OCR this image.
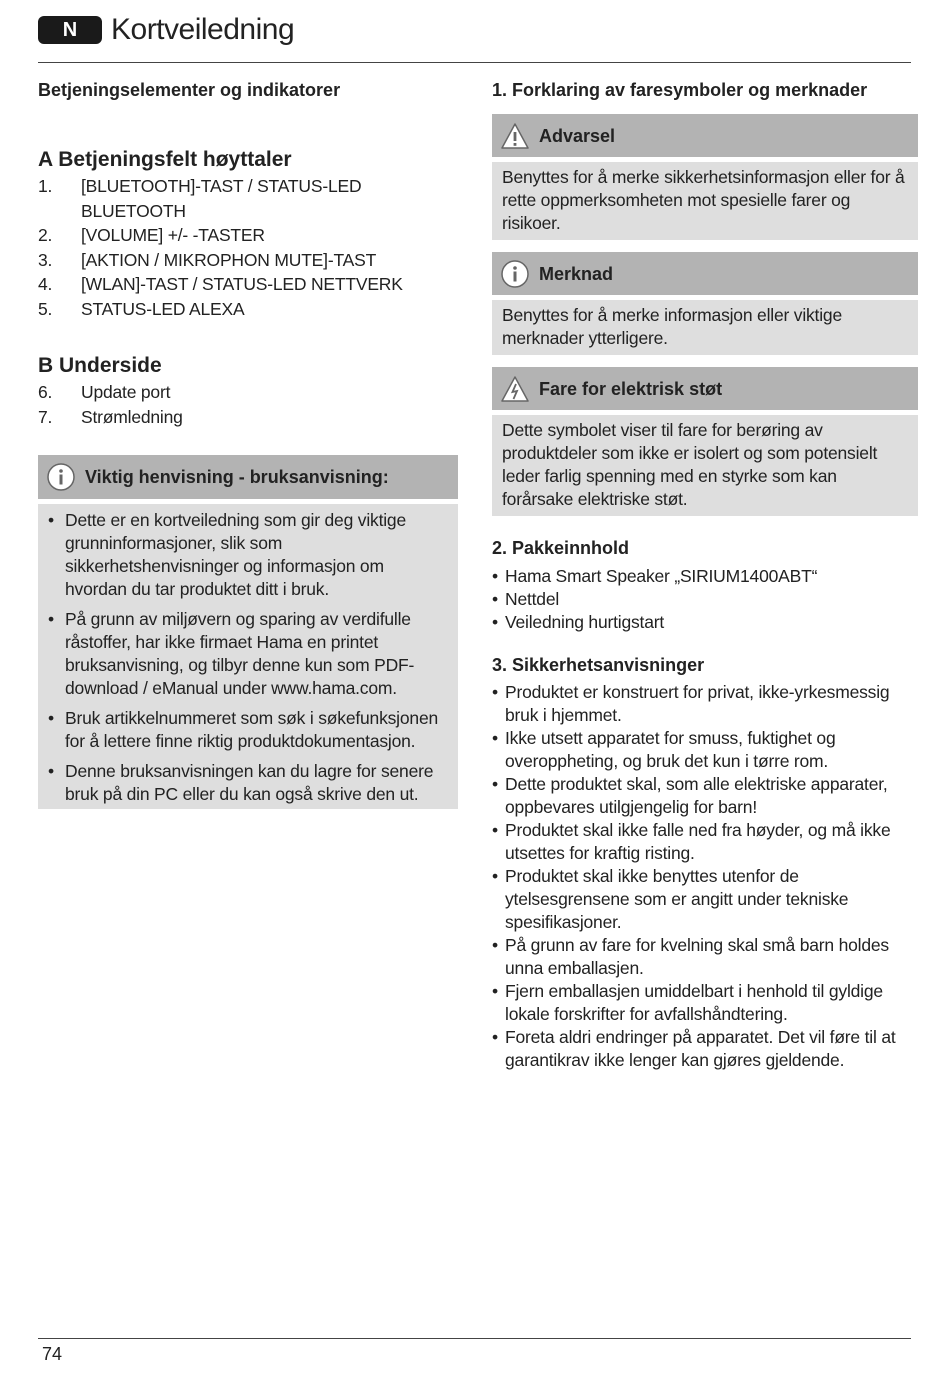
N	Kortveiledning

Betjeningselementer og indikatorer

A Betjeningsfelt høyttaler

1. [BLUETOOTH]-TAST / STATUS-LED BLUETOOTH
2. [VOLUME] +/- -TASTER
3. [AKTION / MIKROPHON MUTE]-TAST
4. [WLAN]-TAST / STATUS-LED NETTVERK
5. STATUS-LED ALEXA

B Underside

6. Update port
7. Strømledning
Viktig henvisning - bruksanvisning:
• Dette er en kortveiledning som gir deg viktige grunninformasjoner, slik som sikkerhetshenvisninger og informasjon om hvordan du tar produktet ditt i bruk.
• På grunn av miljøvern og sparing av verdifulle råstoffer, har ikke firmaet Hama en printet bruksanvisning, og tilbyr denne kun som PDF-download / eManual under www.hama.com.
• Bruk artikkelnummeret som søk i søkefunksjonen for å lettere finne riktig produktdokumentasjon.
• Denne bruksanvisningen kan du lagre for senere bruk på din PC eller du kan også skrive den ut.

1. Forklaring av faresymboler og merknader

Advarsel
Benyttes for å merke sikkerhetsinformasjon eller for å rette oppmerksomheten mot spesielle farer og risikoer.
Merknad
Benyttes for å merke informasjon eller viktige merknader ytterligere.
Fare for elektrisk støt
Dette symbolet viser til fare for berøring av produktdeler som ikke er isolert og som potensielt leder farlig spenning med en styrke som kan forårsake elektriske støt.

2. Pakkeinnhold

• Hama Smart Speaker „SIRIUM1400ABT“
• Nettdel
• Veiledning hurtigstart

3. Sikkerhetsanvisninger

• Produktet er konstruert for privat, ikke-yrkesmessig bruk i hjemmet.
• Ikke utsett apparatet for smuss, fuktighet og overoppheting, og bruk det kun i tørre rom.
• Dette produktet skal, som alle elektriske apparater, oppbevares utilgjengelig for barn!
• Produktet skal ikke falle ned fra høyder, og må ikke utsettes for kraftig risting.
• Produktet skal ikke benyttes utenfor de ytelsesgrensene som er angitt under tekniske spesifikasjoner.
• På grunn av fare for kvelning skal små barn holdes unna emballasjen.
• Fjern emballasjen umiddelbart i henhold til gyldige lokale forskrifter for avfallshåndtering.
• Foreta aldri endringer på apparatet. Det vil føre til at garantikrav ikke lenger kan gjøres gjeldende.
74
